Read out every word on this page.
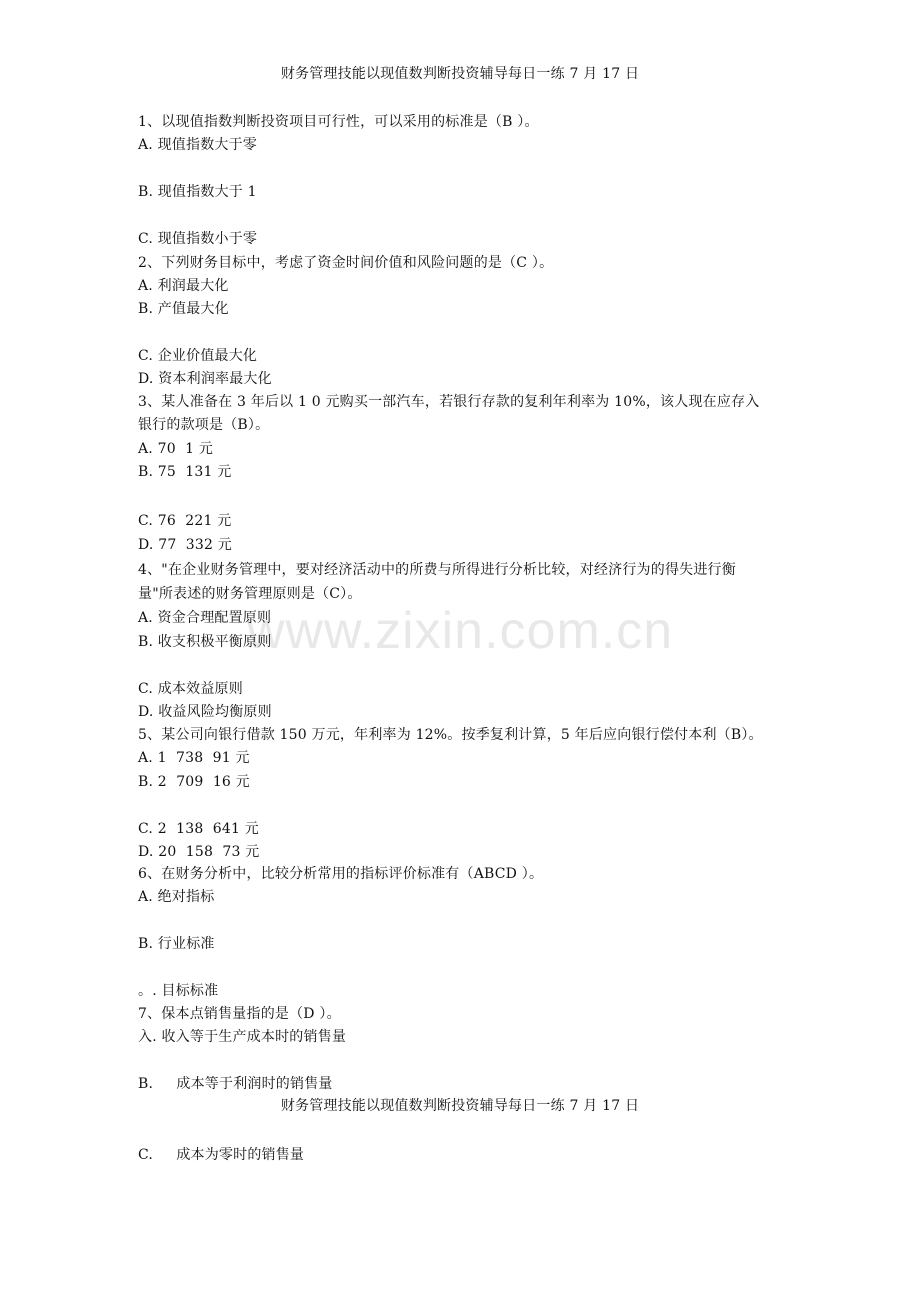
财务管理技能以现值数判断投资辅导每日一练 7 月 17 日
www.zixin.com.cn
1、以现值指数判断投资项目可行性，可以采用的标准是（B ）。
A. 现值指数大于零
B. 现值指数大于 1
C. 现值指数小于零
2、下列财务目标中，考虑了资金时间价值和风险问题的是（C ）。
A. 利润最大化
B. 产值最大化
C. 企业价值最大化
D. 资本利润率最大化
3、某人准备在 3 年后以 1 0 元购买一部汽车，若银行存款的复利年利率为 10%，该人现在应存入
银行的款项是（B）。
A. 70  1 元
B. 75  131 元
C. 76  221 元
D. 77  332 元
4、"在企业财务管理中，要对经济活动中的所费与所得进行分析比较，对经济行为的得失进行衡
量"所表述的财务管理原则是（C）。
A. 资金合理配置原则
B. 收支积极平衡原则
C. 成本效益原则
D. 收益风险均衡原则
5、某公司向银行借款 150 万元，年利率为 12%。按季复利计算，5 年后应向银行偿付本利（B）。
A. 1  738  91 元
B. 2  709  16 元
C. 2  138  641 元
D. 20  158  73 元
6、在财务分析中，比较分析常用的指标评价标准有（ABCD ）。
A. 绝对指标
B. 行业标准
。. 目标标准
7、保本点销售量指的是（D ）。
入. 收入等于生产成本时的销售量
B.     成本等于利润时的销售量
财务管理技能以现值数判断投资辅导每日一练 7 月 17 日
C.     成本为零时的销售量
